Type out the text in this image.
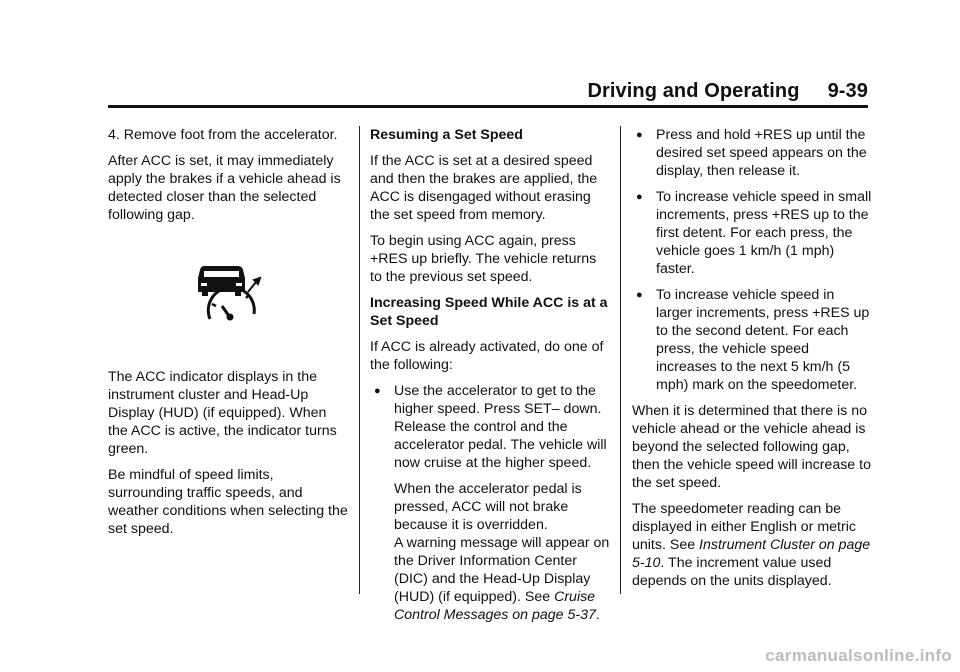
Driving and Operating 9-39

4. Remove foot from the accelerator.

After ACC is set, it may immediately apply the brakes if a vehicle ahead is detected closer than the selected following gap.

The ACC indicator displays in the instrument cluster and Head-Up Display (HUD) (if equipped). When the ACC is active, the indicator turns green.

Be mindful of speed limits, surrounding traffic speeds, and weather conditions when selecting the set speed.

Resuming a Set Speed

If the ACC is set at a desired speed and then the brakes are applied, the ACC is disengaged without erasing the set speed from memory.

To begin using ACC again, press +RES up briefly. The vehicle returns to the previous set speed.

Increasing Speed While ACC is at a Set Speed

If ACC is already activated, do one of the following:

● Use the accelerator to get to the higher speed. Press SET– down. Release the control and the accelerator pedal. The vehicle will now cruise at the higher speed.

When the accelerator pedal is pressed, ACC will not brake because it is overridden.

A warning message will appear on the Driver Information Center (DIC) and the Head-Up Display (HUD) (if equipped). See Cruise Control Messages on page 5-37.

● Press and hold +RES up until the desired set speed appears on the display, then release it.

● To increase vehicle speed in small increments, press +RES up to the first detent. For each press, the vehicle goes 1 km/h (1 mph) faster.

● To increase vehicle speed in larger increments, press +RES up to the second detent. For each press, the vehicle speed increases to the next 5 km/h (5 mph) mark on the speedometer.

When it is determined that there is no vehicle ahead or the vehicle ahead is beyond the selected following gap, then the vehicle speed will increase to the set speed.

The speedometer reading can be displayed in either English or metric units. See Instrument Cluster on page 5-10. The increment value used depends on the units displayed.

carmanualsonline.info
